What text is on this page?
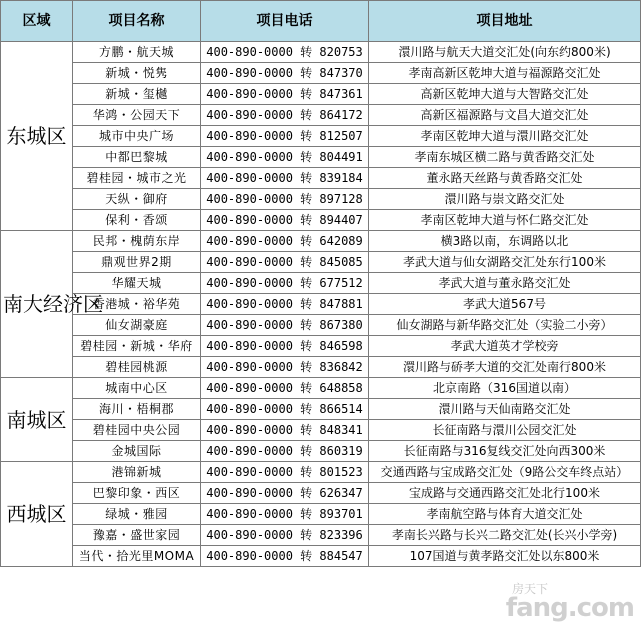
区域	项目名称	项目电话	项目地址
东城区	方鹏・航天城	400-890-0000 转 820753	澴川路与航天大道交汇处(向东约800米)
	新城・悦隽	400-890-0000 转 847370	孝南高新区乾坤大道与福源路交汇处
	新城・玺樾	400-890-0000 转 847361	高新区乾坤大道与大智路交汇处
	华鸿・公园天下	400-890-0000 转 864172	高新区福源路与文昌大道交汇处
	城市中央广场	400-890-0000 转 812507	孝南区乾坤大道与澴川路交汇处
	中都巴黎城	400-890-0000 转 804491	孝南东城区横二路与黄香路交汇处
	碧桂园・城市之光	400-890-0000 转 839184	董永路天丝路与黄香路交汇处
	天纵・御府	400-890-0000 转 897128	澴川路与崇文路交汇处
	保利・香颂	400-890-0000 转 894407	孝南区乾坤大道与怀仁路交汇处
南大经济区	民邦・槐荫东岸	400-890-0000 转 642089	横3路以南，东调路以北
	鼎观世界2期	400-890-0000 转 845085	孝武大道与仙女湖路交汇处东行100米
	华耀天城	400-890-0000 转 677512	孝武大道与董永路交汇处
	香港城・裕华苑	400-890-0000 转 847881	孝武大道567号
	仙女湖豪庭	400-890-0000 转 867380	仙女湖路与新华路交汇处（实验二小旁）
	碧桂园・新城・华府	400-890-0000 转 846598	孝武大道英才学校旁
	碧桂园桃源	400-890-0000 转 836842	澴川路与硚孝大道的交汇处南行800米
南城区	城南中心区	400-890-0000 转 648858	北京南路（316国道以南）
	海川・梧桐郡	400-890-0000 转 866514	澴川路与天仙南路交汇处
	碧桂园中央公园	400-890-0000 转 848341	长征南路与澴川公园交汇处
	金城国际	400-890-0000 转 860319	长征南路与316复线交汇处向西300米
西城区	港锦新城	400-890-0000 转 801523	交通西路与宝成路交汇处（9路公交车终点站）
	巴黎印象・西区	400-890-0000 转 626347	宝成路与交通西路交汇处北行100米
	绿城・雅园	400-890-0000 转 893701	孝南航空路与体育大道交汇处
	豫嘉・盛世家园	400-890-0000 转 823396	孝南长兴路与长兴二路交汇处(长兴小学旁)
	当代・拾光里MOMA	400-890-0000 转 884547	107国道与黄孝路交汇处以东800米
房天下
fang.com
